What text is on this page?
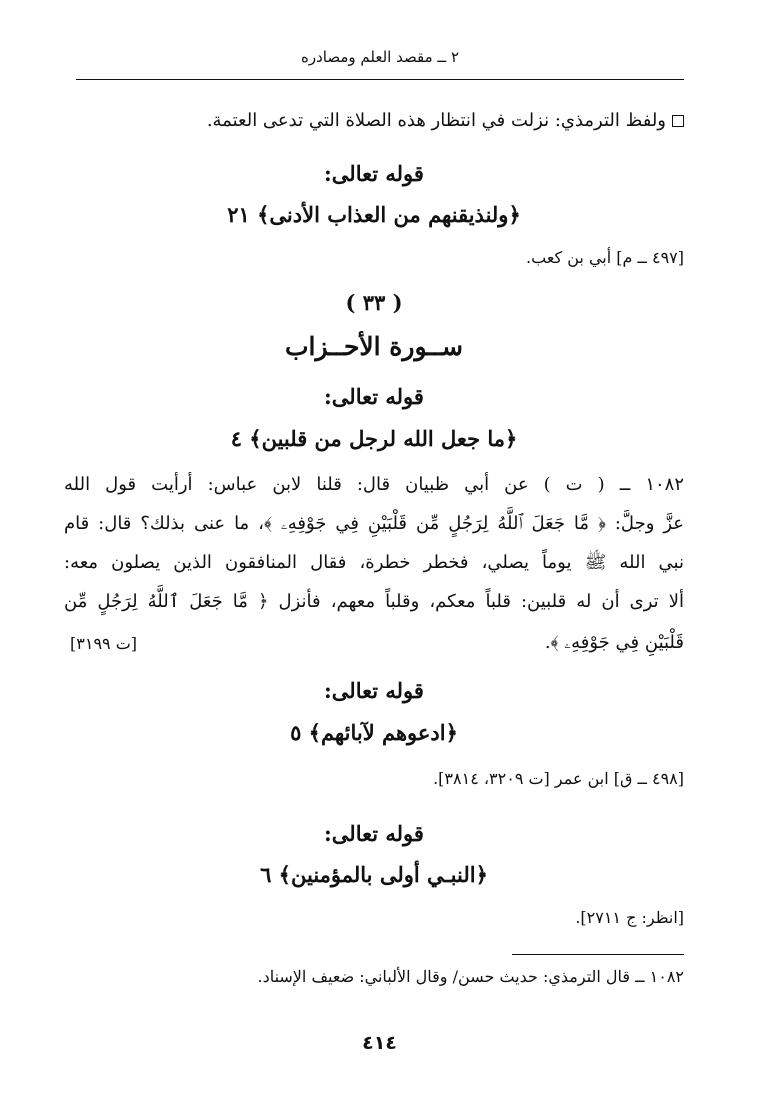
٢ ــ مقصد العلم ومصادره
ولفظ الترمذي: نزلت في انتظار هذه الصلاة التي تدعى العتمة.
قوله تعالى:
﴿ولنذيقنهم من العذاب الأدنى﴾ ٢١
[٤٩٧ ــ م] أبي بن كعب.
( ٣٣ )
ســورة الأحــزاب
قوله تعالى:
﴿ما جعل الله لرجل من قلبين﴾ ٤
١٠٨٢ ــ ( ت ) عن أبي ظبيان قال: قلنا لابن عباس: أرأيت قول الله
عزَّ وجلَّ: ﴿ مَّا جَعَلَ ٱللَّهُ لِرَجُلٍ مِّن قَلْبَيْنِ فِي جَوْفِهِۦ ﴾، ما عنى بذلك؟ قال: قام
نبي الله ﷺ يوماً يصلي، فخطر خطرة، فقال المنافقون الذين يصلون معه:
ألا ترى أن له قلبين: قلباً معكم، وقلباً معهم، فأنزل ﴿ مَّا جَعَلَ ٱللَّهُ لِرَجُلٍ مِّن
قَلْبَيْنِ فِي جَوْفِهِۦ ﴾.
[ت ٣١٩٩]
قوله تعالى:
﴿ادعوهم لآبائهم﴾ ٥
[٤٩٨ ــ ق] ابن عمر [ت ٣٢٠٩، ٣٨١٤].
قوله تعالى:
﴿النبـي أولى بالمؤمنين﴾ ٦
[انظر: ج ٢٧١١].
١٠٨٢ ــ قال الترمذي: حديث حسن/ وقال الألباني: ضعيف الإسناد.
٤١٤
